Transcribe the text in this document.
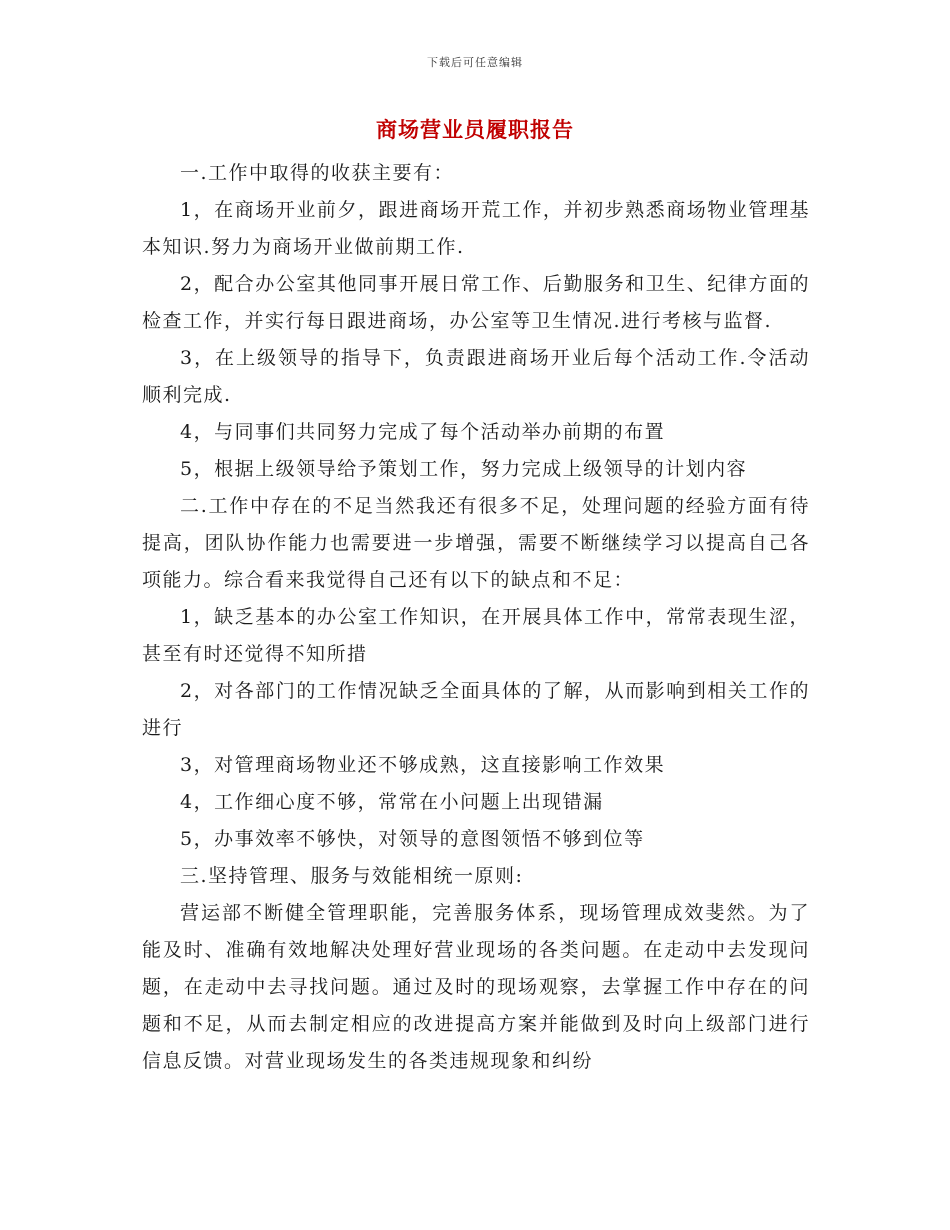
下载后可任意编辑
商场营业员履职报告

一.工作中取得的收获主要有：

1，在商场开业前夕，跟进商场开荒工作，并初步熟悉商场物业管理基本知识.努力为商场开业做前期工作.

2，配合办公室其他同事开展日常工作、后勤服务和卫生、纪律方面的检查工作，并实行每日跟进商场，办公室等卫生情况.进行考核与监督.

3，在上级领导的指导下，负责跟进商场开业后每个活动工作.令活动顺利完成.

4，与同事们共同努力完成了每个活动举办前期的布置

5，根据上级领导给予策划工作，努力完成上级领导的计划内容

二.工作中存在的不足当然我还有很多不足，处理问题的经验方面有待提高，团队协作能力也需要进一步增强，需要不断继续学习以提高自己各项能力。综合看来我觉得自己还有以下的缺点和不足：

1，缺乏基本的办公室工作知识，在开展具体工作中，常常表现生涩，甚至有时还觉得不知所措

2，对各部门的工作情况缺乏全面具体的了解，从而影响到相关工作的进行

3，对管理商场物业还不够成熟，这直接影响工作效果

4，工作细心度不够，常常在小问题上出现错漏

5，办事效率不够快，对领导的意图领悟不够到位等

三.坚持管理、服务与效能相统一原则:

营运部不断健全管理职能，完善服务体系，现场管理成效斐然。为了能及时、准确有效地解决处理好营业现场的各类问题。在走动中去发现问题，在走动中去寻找问题。通过及时的现场观察，去掌握工作中存在的问题和不足，从而去制定相应的改进提高方案并能做到及时向上级部门进行信息反馈。对营业现场发生的各类违规现象和纠纷
